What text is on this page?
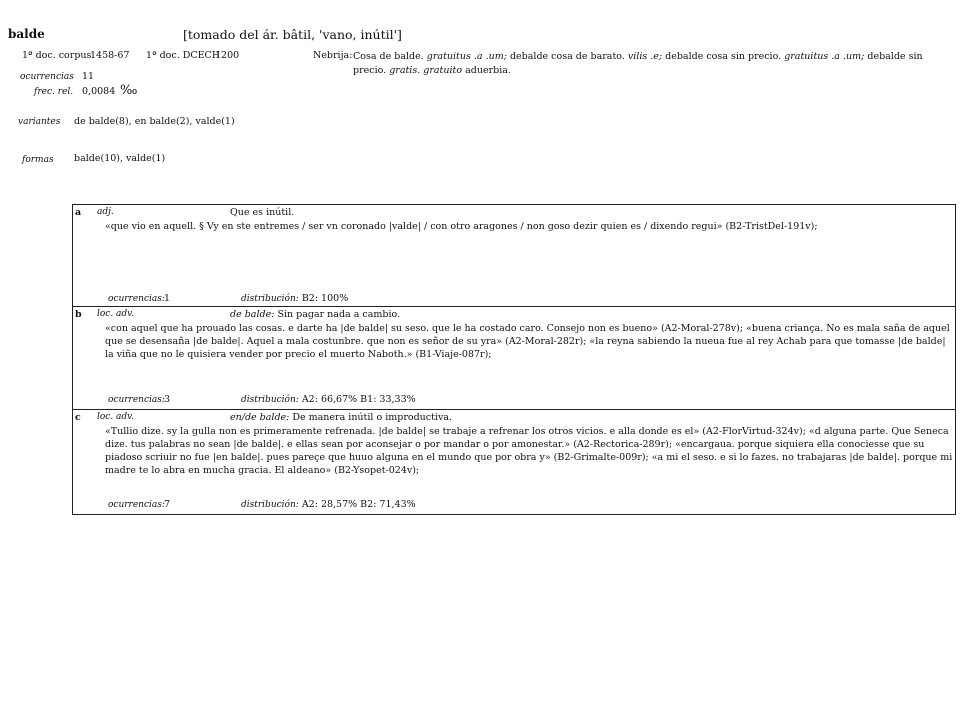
balde	[tomado del ár. bâtil, 'vano, inútil']
1ª doc. corpus
1458-67 1ª doc. DCECH
1200	Nebrija: Cosa de balde. gratuitus .a .um; debalde cosa de barato. vilis .e; debalde cosa sin precio. gratuitus .a .um; debalde sin precio. gratis. gratuito aduerbia.
ocurrencias 11
frec. rel. 0,0084 ‰
variantes de balde(8), en balde(2), valde(1)
formas balde(10), valde(1)
a adj.	Que es inútil.
«que vio en aquell. § Vy en ste entremes / ser vn coronado |valde| / con otro aragones / non goso dezir quien es / dixendo regui» (B2-TristDel-191v);
ocurrencias: 1	distribución: B2: 100%
b loc. adv.	de balde: Sin pagar nada a cambio.
«con aquel que ha prouado las cosas. e darte ha |de balde| su seso. que le ha costado caro. Consejo non es bueno» (A2-Moral-278v); «buena criança. No es mala saña de aquel que se desensaña |de balde|. Aquel a mala costunbre. que non es señor de su yra» (A2-Moral-282r); «la reyna sabiendo la nueua fue al rey Achab para que tomasse |de balde| la viña que no le quisiera vender por precio el muerto Naboth.» (B1-Viaje-087r);
ocurrencias: 3	distribución: A2: 66,67% B1: 33,33%
c loc. adv.	en/de balde: De manera inútil o improductiva.
«Tullio dize. sy la gulla non es primeramente refrenada. |de balde| se trabaje a refrenar los otros vicios. e alla donde es el» (A2-FlorVirtud-324v); «d alguna parte. Que Seneca dize. tus palabras no sean |de balde|. e ellas sean por aconsejar o por mandar o por amonestar.» (A2-Rectorica-289r); «encargaua. porque siquiera ella conociesse que su piadoso scriuir no fue |en balde|. pues pareçe que huuo alguna en el mundo que por obra y» (B2-Grimalte-009r); «a mi el seso. e si lo fazes. no trabajaras |de balde|. porque mi madre te lo abra en mucha gracia. El aldeano» (B2-Ysopet-024v);
ocurrencias: 7	distribución: A2: 28,57% B2: 71,43%
